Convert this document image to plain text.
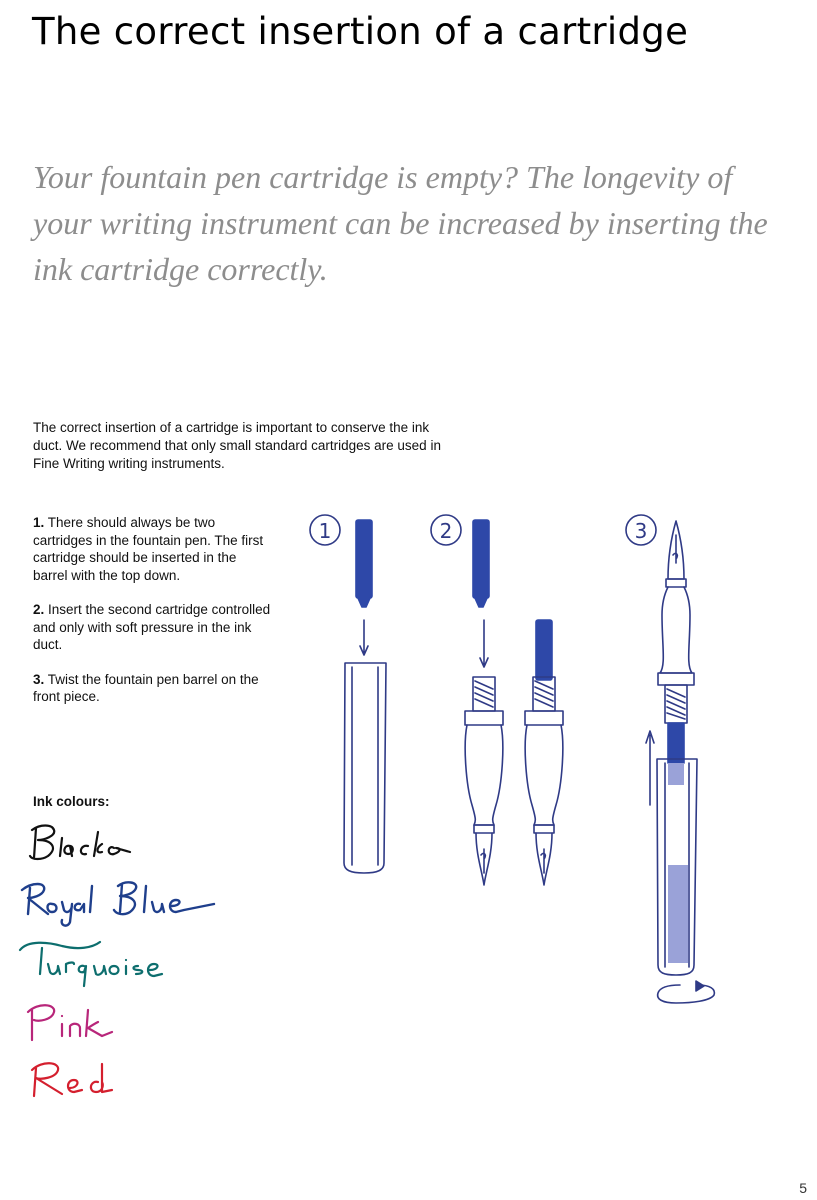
The correct insertion of a cartridge

Your fountain pen cartridge is empty? The longevity of your writing instrument can be increased by inserting the ink cartridge correctly.

The correct insertion of a cartridge is important to conserve the ink duct. We recommend that only small standard cartridges are used in Fine Writing writing instruments.

1. There should always be two cartridges in the fountain pen. The first cartridge should be inserted in the barrel with the top down.

2. Insert the second cartridge controlled and only with soft pressure in the ink duct.

3. Twist the fountain pen barrel on the front piece.

Ink colours:

1	2	3

5
